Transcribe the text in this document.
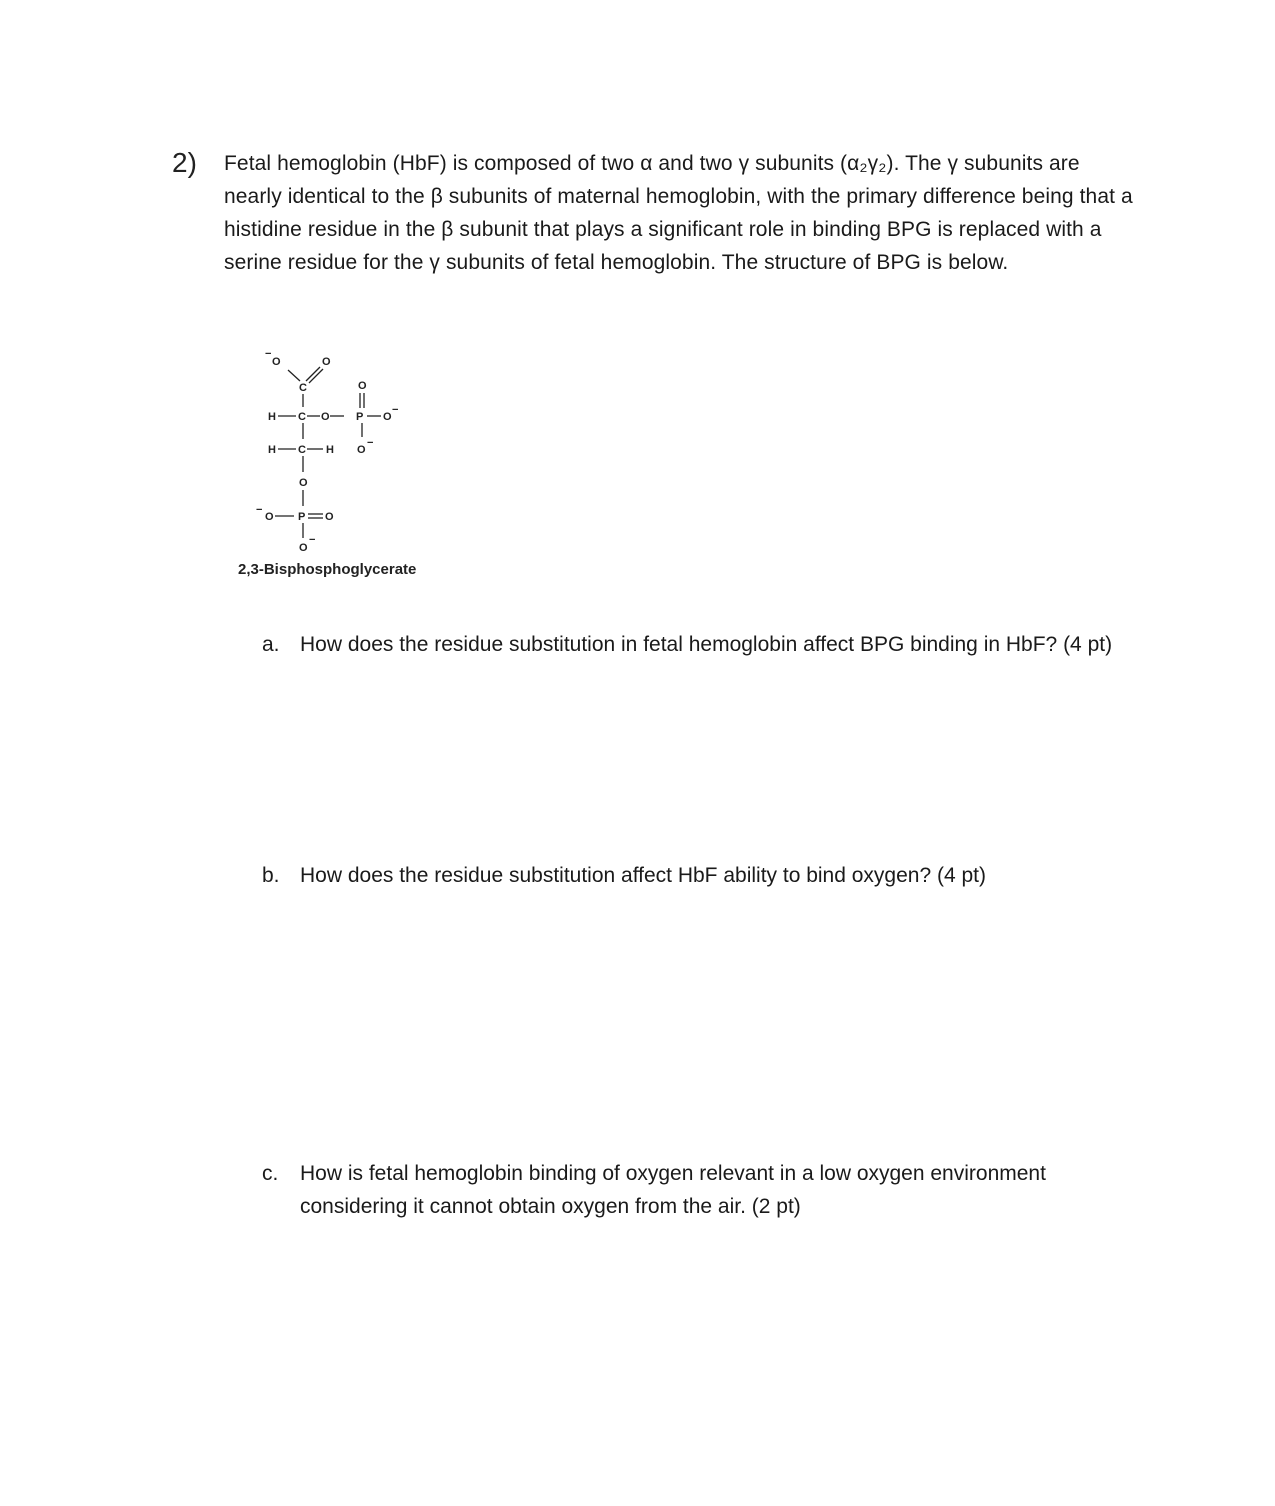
2) Fetal hemoglobin (HbF) is composed of two α and two γ subunits (α₂γ₂). The γ subunits are nearly identical to the β subunits of maternal hemoglobin, with the primary difference being that a histidine residue in the β subunit that plays a significant role in binding BPG is replaced with a serine residue for the γ subunits of fetal hemoglobin. The structure of BPG is below.
O
−
O
C
H C O P
O
O
−
H C H O
−
O
−
O P O
O
−
2,3-Bisphosphoglycerate
a. How does the residue substitution in fetal hemoglobin affect BPG binding in HbF? (4 pt)
b. How does the residue substitution affect HbF ability to bind oxygen? (4 pt)
c. How is fetal hemoglobin binding of oxygen relevant in a low oxygen environment considering it cannot obtain oxygen from the air. (2 pt)
